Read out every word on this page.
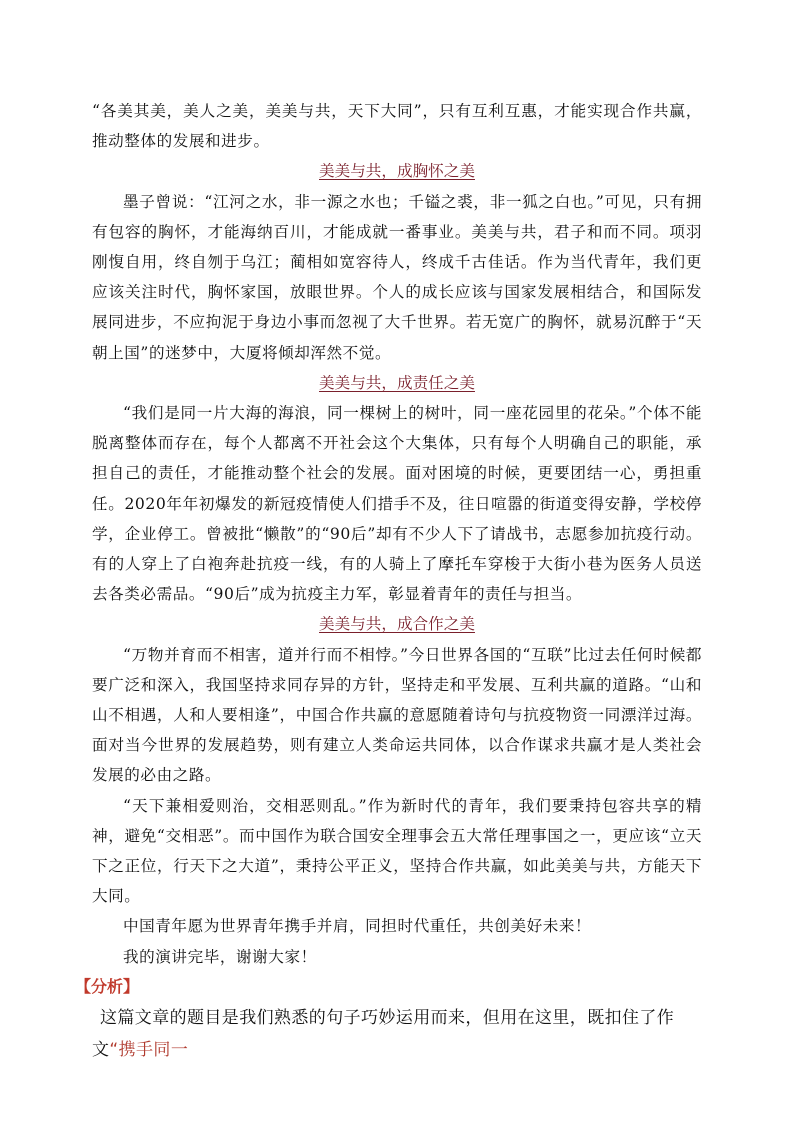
“各美其美，美人之美，美美与共，天下大同”，只有互利互惠，才能实现合作共赢，推动整体的发展和进步。

美美与共，成胸怀之美

墨子曾说：“江河之水，非一源之水也；千镒之裘，非一狐之白也。”可见，只有拥有包容的胸怀，才能海纳百川，才能成就一番事业。美美与共，君子和而不同。项羽刚愎自用，终自刎于乌江；蔺相如宽容待人，终成千古佳话。作为当代青年，我们更应该关注时代，胸怀家国，放眼世界。个人的成长应该与国家发展相结合，和国际发展同进步，不应拘泥于身边小事而忽视了大千世界。若无宽广的胸怀，就易沉醉于“天朝上国”的迷梦中，大厦将倾却浑然不觉。

美美与共，成责任之美

“我们是同一片大海的海浪，同一棵树上的树叶，同一座花园里的花朵。”个体不能脱离整体而存在，每个人都离不开社会这个大集体，只有每个人明确自己的职能，承担自己的责任，才能推动整个社会的发展。面对困境的时候，更要团结一心，勇担重任。2020年年初爆发的新冠疫情使人们措手不及，往日喧嚣的街道变得安静，学校停学，企业停工。曾被批“懒散”的“90后”却有不少人下了请战书，志愿参加抗疫行动。有的人穿上了白袍奔赴抗疫一线，有的人骑上了摩托车穿梭于大街小巷为医务人员送去各类必需品。“90后”成为抗疫主力军，彰显着青年的责任与担当。

美美与共，成合作之美

“万物并育而不相害，道并行而不相悖。”今日世界各国的“互联”比过去任何时候都要广泛和深入，我国坚持求同存异的方针，坚持走和平发展、互利共赢的道路。“山和山不相遇，人和人要相逢”，中国合作共赢的意愿随着诗句与抗疫物资一同漂洋过海。面对当今世界的发展趋势，则有建立人类命运共同体，以合作谋求共赢才是人类社会发展的必由之路。

“天下兼相爱则治，交相恶则乱。”作为新时代的青年，我们要秉持包容共享的精神，避免“交相恶”。而中国作为联合国安全理事会五大常任理事国之一，更应该“立天下之正位，行天下之大道”，秉持公平正义，坚持合作共赢，如此美美与共，方能天下大同。

中国青年愿为世界青年携手并肩，同担时代重任，共创美好未来！

我的演讲完毕，谢谢大家！

【分析】

这篇文章的题目是我们熟悉的句子巧妙运用而来，但用在这里，既扣住了作文“携手同一
